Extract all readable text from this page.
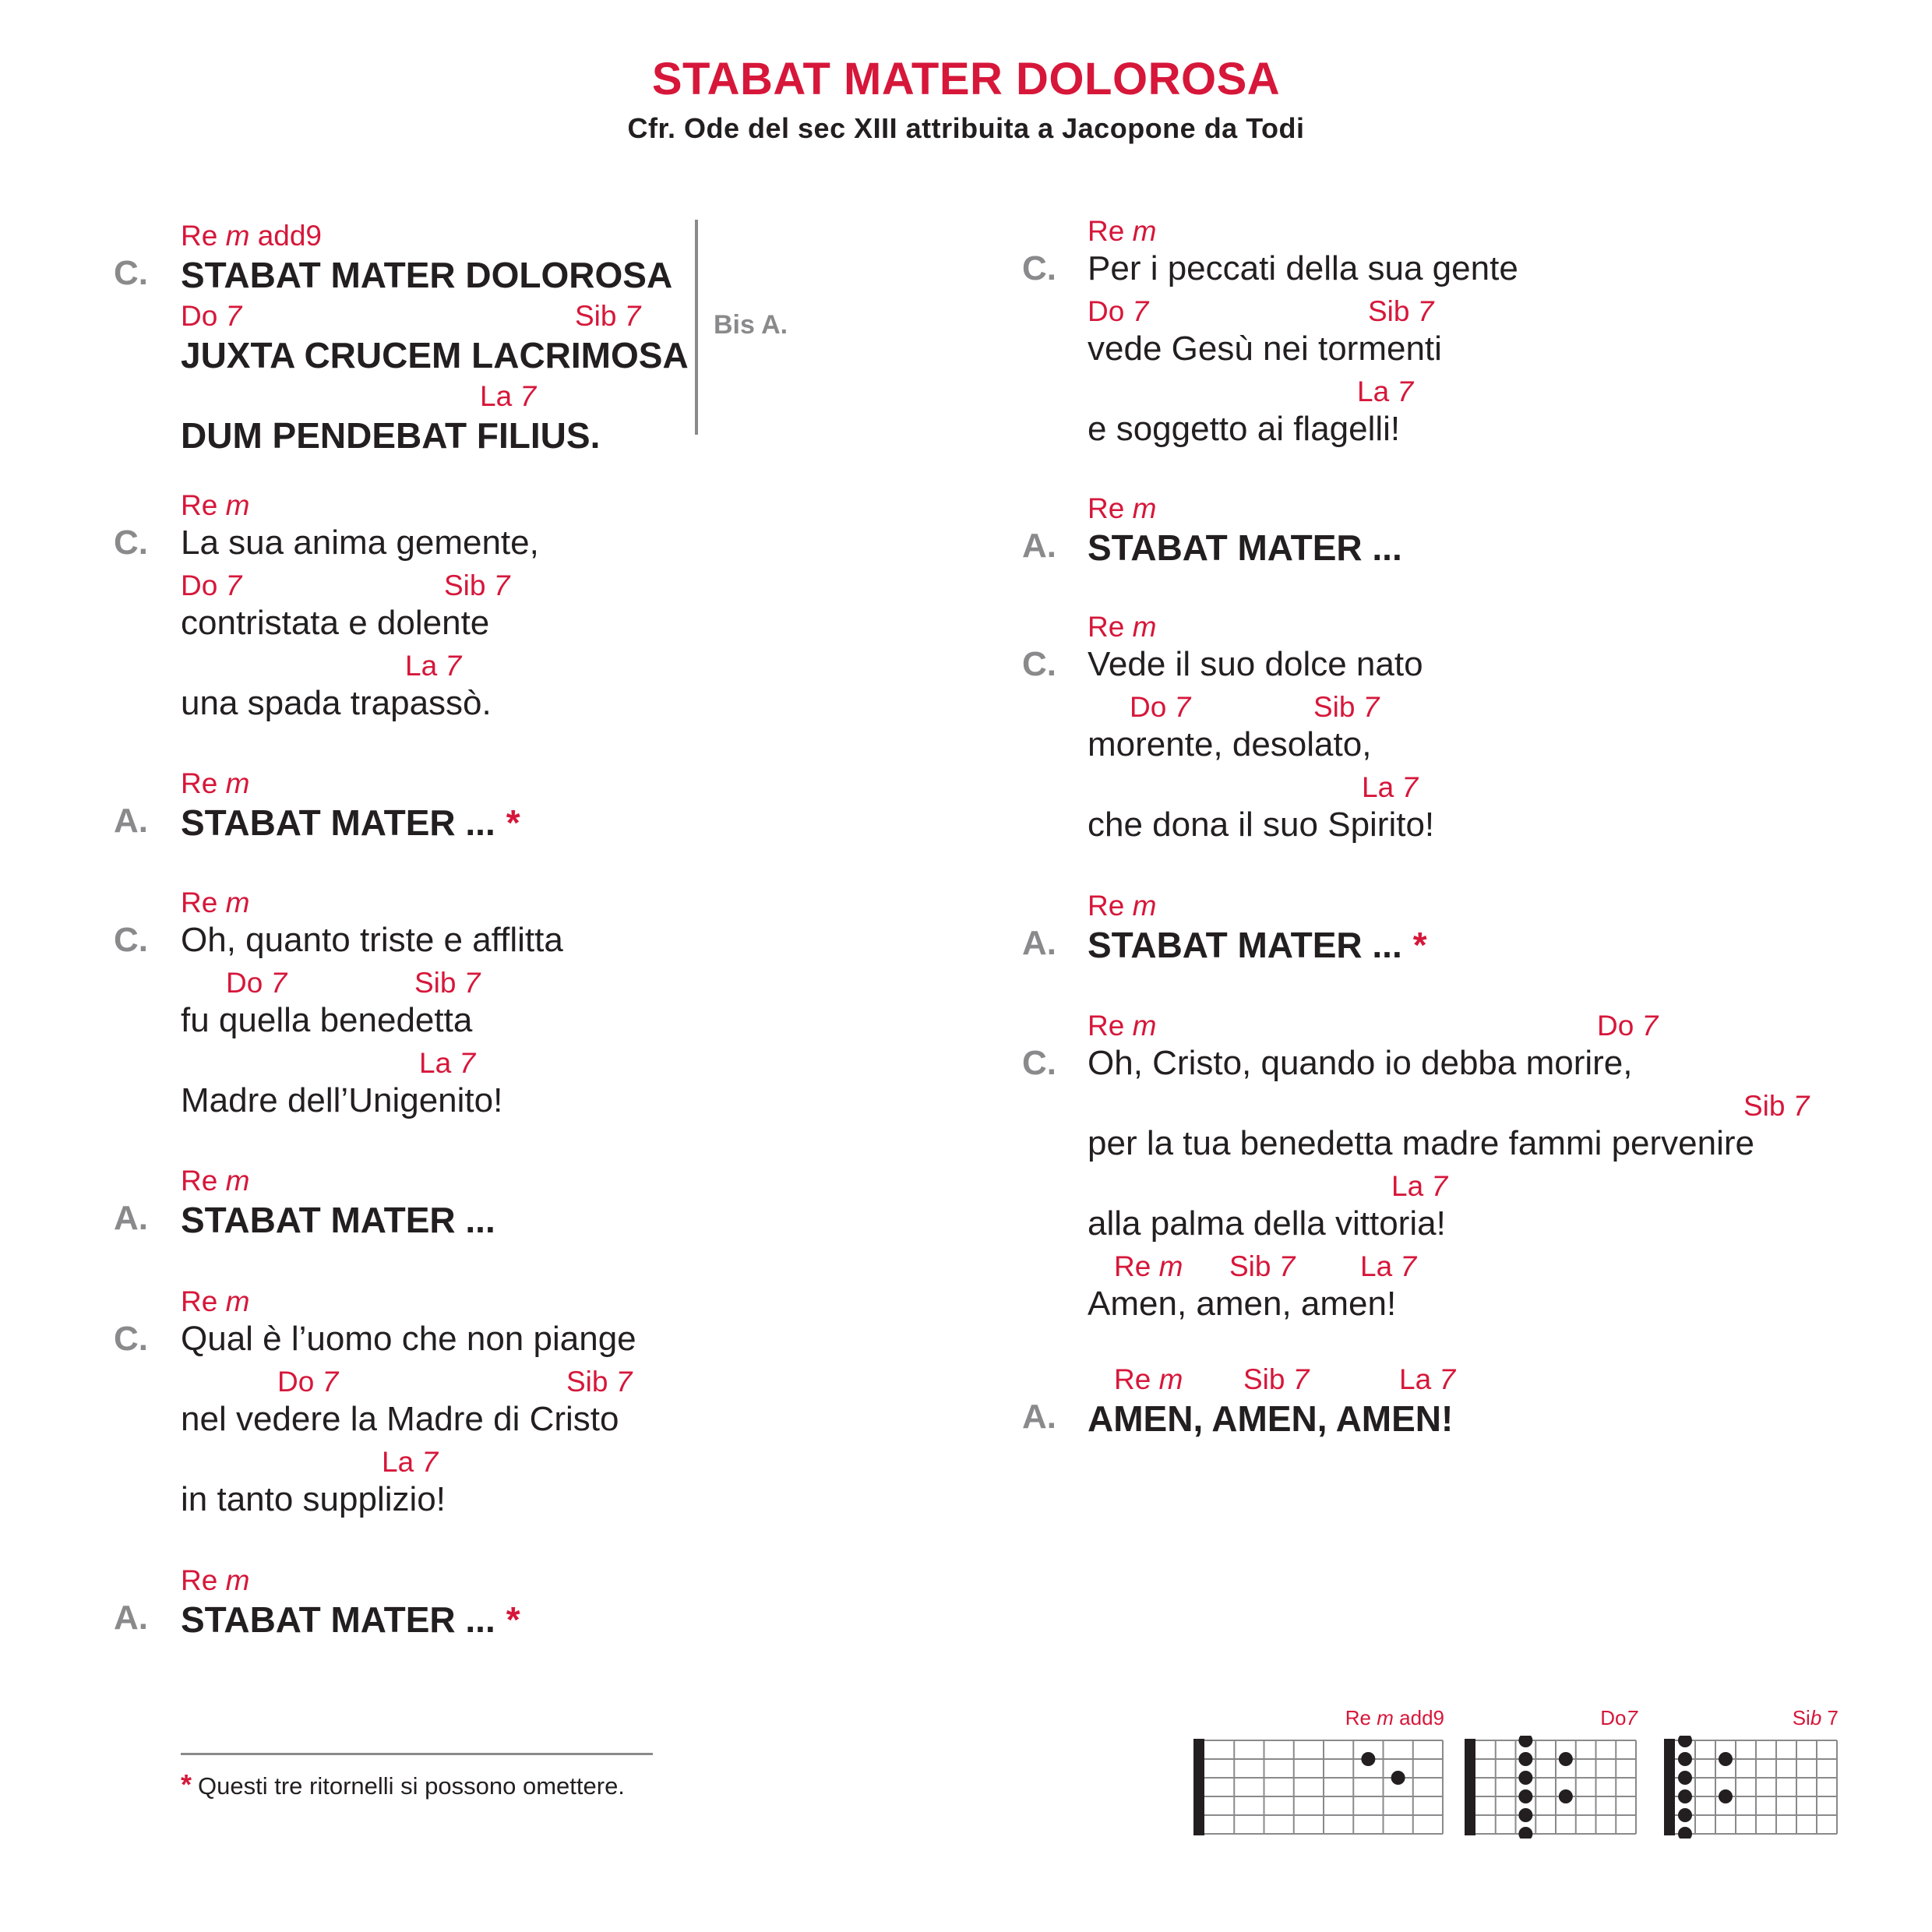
STABAT MATER DOLOROSA
Cfr. Ode del sec XIII attribuita a Jacopone da Todi
C.
Re m add9
STABAT MATER DOLOROSA
Do 7	Sib 7
JUXTA CRUCEM LACRIMOSA
La 7
DUM PENDEBAT FILIUS.
C.
Re m
La sua anima gemente,
Do 7	Sib 7
contristata e dolente
La 7
una spada trapassò.
A.
Re m
STABAT MATER ... *
C.
Re m
Oh, quanto triste e afflitta
Do 7	Sib 7
fu quella benedetta
La 7
Madre dell’Unigenito!
A.
Re m
STABAT MATER ...
C.
Re m
Qual è l’uomo che non piange
Do 7	Sib 7
nel vedere la Madre di Cristo
La 7
in tanto supplizio!
A.
Re m
STABAT MATER ... *
C.
Re m
Per i peccati della sua gente
Do 7	Sib 7
vede Gesù nei tormenti
La 7
e soggetto ai flagelli!
A.
Re m
STABAT MATER ...
C.
Re m
Vede il suo dolce nato
Do 7	Sib 7
morente, desolato,
La 7
che dona il suo Spirito!
A.
Re m
STABAT MATER ... *
C.
Re m	Do 7
Oh, Cristo, quando io debba morire,
Sib 7
per la tua benedetta madre fammi pervenire
La 7
alla palma della vittoria!
Re m Sib 7 La 7
Amen, amen, amen!
A.
Re m Sib 7	La 7
AMEN, AMEN, AMEN!
Bis A.
* Questi tre ritornelli si possono omettere.
Re m add9	Do7	Sib 7
